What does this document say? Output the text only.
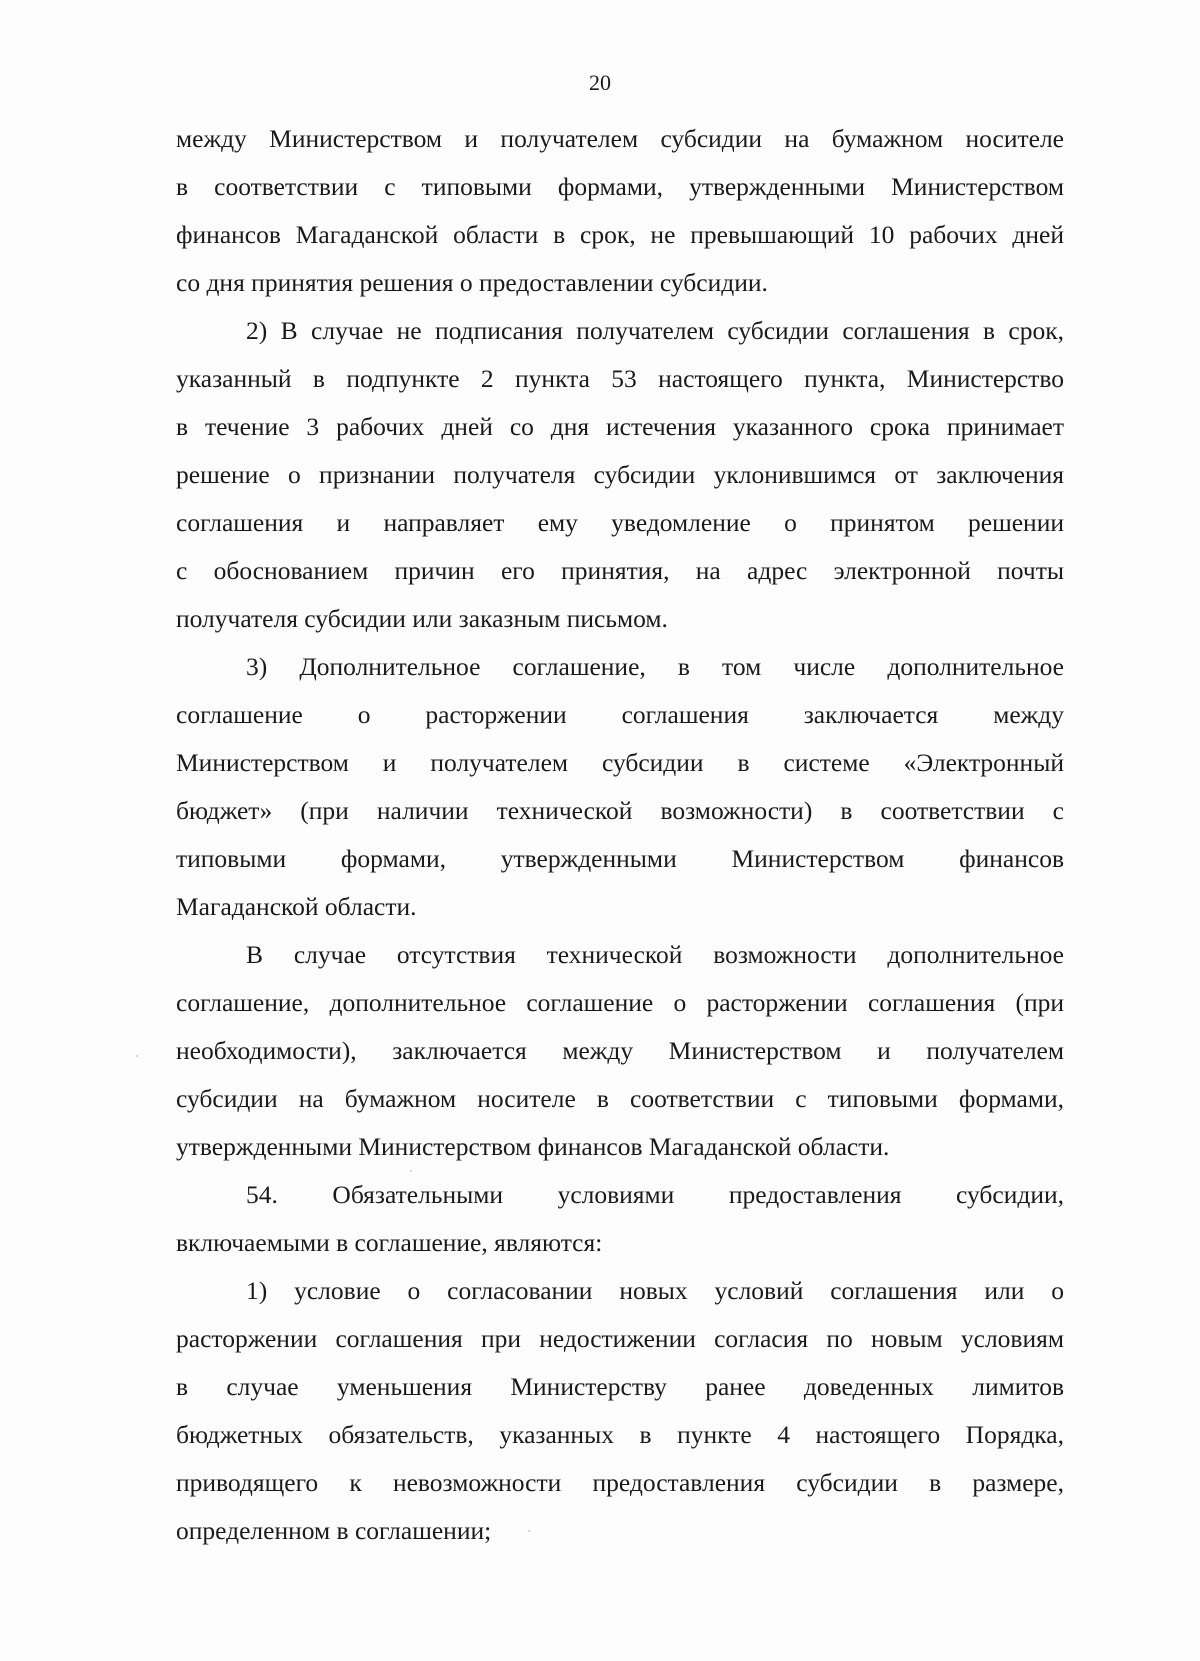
20
между Министерством и получателем субсидии на бумажном носителе
в соответствии с типовыми формами, утвержденными Министерством
финансов Магаданской области в срок, не превышающий 10 рабочих дней
со дня принятия решения о предоставлении субсидии.
2) В случае не подписания получателем субсидии соглашения в срок,
указанный в подпункте 2 пункта 53 настоящего пункта, Министерство
в течение 3 рабочих дней со дня истечения указанного срока принимает
решение о признании получателя субсидии уклонившимся от заключения
соглашения и направляет ему уведомление о принятом решении
с обоснованием причин его принятия, на адрес электронной почты
получателя субсидии или заказным письмом.
3) Дополнительное соглашение, в том числе дополнительное
соглашение о расторжении соглашения заключается между
Министерством и получателем субсидии в системе «Электронный
бюджет» (при наличии технической возможности) в соответствии с
типовыми формами, утвержденными Министерством финансов
Магаданской области.
В случае отсутствия технической возможности дополнительное
соглашение, дополнительное соглашение о расторжении соглашения (при
необходимости), заключается между Министерством и получателем
субсидии на бумажном носителе в соответствии с типовыми формами,
утвержденными Министерством финансов Магаданской области.
54. Обязательными условиями предоставления субсидии,
включаемыми в соглашение, являются:
1) условие о согласовании новых условий соглашения или о
расторжении соглашения при недостижении согласия по новым условиям
в случае уменьшения Министерству ранее доведенных лимитов
бюджетных обязательств, указанных в пункте 4 настоящего Порядка,
приводящего к невозможности предоставления субсидии в размере,
определенном в соглашении;
